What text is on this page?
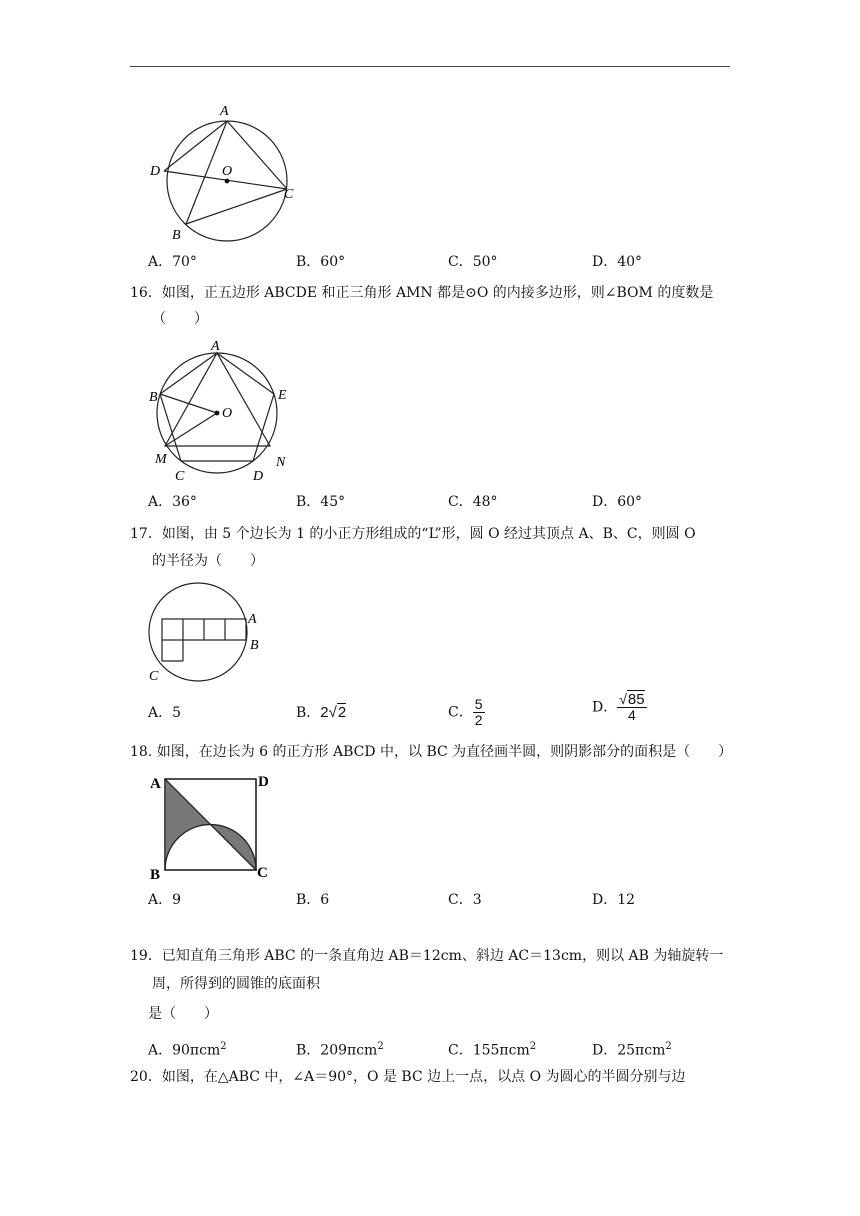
A
D	O
C
B
A．70°	B．60°	C．50°	D．40°
16．如图，正五边形 ABCDE 和正三角形 AMN 都是⊙O 的内接多边形，则∠BOM 的度数是
（　　）
A
B	E
O
M	N
C	D
A．36°	B．45°	C．48°	D．60°
17．如图，由 5 个边长为 1 的小正方形组成的“L”形，圆 O 经过其顶点 A、B、C，则圆 O
的半径为（　　）
A
B
C
A．5	B．2√2	C． $\frac{5}{2}$	D． $\frac{√85}{4}$
18. 如图，在边长为 6 的正方形 ABCD 中，以 BC 为直径画半圆，则阴影部分的面积是（　　）
A	D
B	C
A．9	B．6	C．3	D．12
19．已知直角三角形 ABC 的一条直角边 AB＝12cm、斜边 AC＝13cm，则以 AB 为轴旋转一
周，所得到的圆锥的底面积
是（　　）
A．90πcm$^2$	B．209πcm$^2$	C．155πcm$^2$	D．25πcm$^2$
20．如图，在△ABC 中，∠A＝90°，O 是 BC 边上一点，以点 O 为圆心的半圆分别与边
